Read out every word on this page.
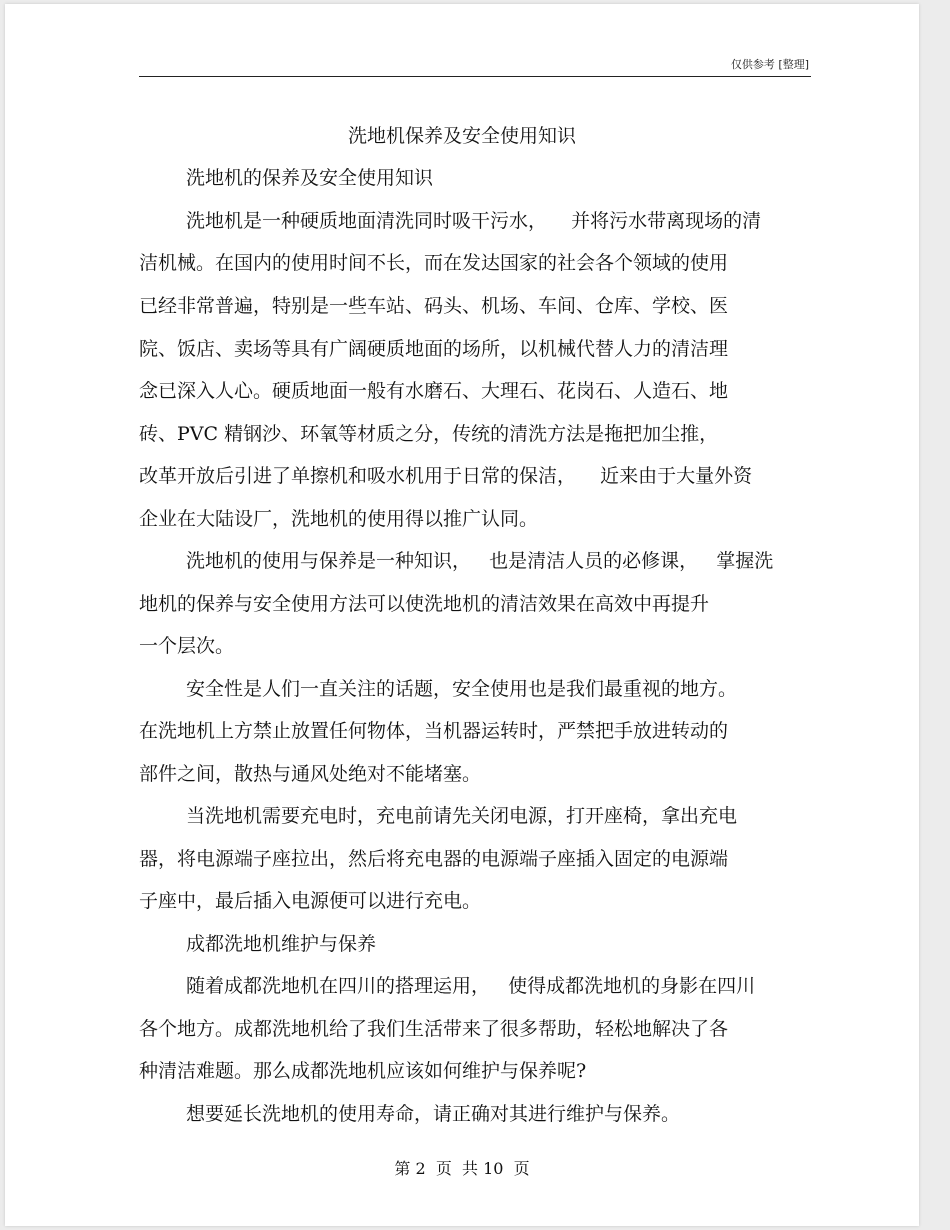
仅供参考 [整理]
洗地机保养及安全使用知识
洗地机的保养及安全使用知识
洗地机是一种硬质地面清洗同时吸干污水，    并将污水带离现场的清
洁机械。在国内的使用时间不长，而在发达国家的社会各个领域的使用
已经非常普遍，特别是一些车站、码头、机场、车间、仓库、学校、医
院、饭店、卖场等具有广阔硬质地面的场所，以机械代替人力的清洁理
念已深入人心。硬质地面一般有水磨石、大理石、花岗石、人造石、地
砖、PVC 精钢沙、环氧等材质之分，传统的清洗方法是拖把加尘推，
改革开放后引进了单擦机和吸水机用于日常的保洁，    近来由于大量外资
企业在大陆设厂，洗地机的使用得以推广认同。
洗地机的使用与保养是一种知识，   也是清洁人员的必修课，   掌握洗
地机的保养与安全使用方法可以使洗地机的清洁效果在高效中再提升
一个层次。
安全性是人们一直关注的话题，安全使用也是我们最重视的地方。
在洗地机上方禁止放置任何物体，当机器运转时，严禁把手放进转动的
部件之间，散热与通风处绝对不能堵塞。
当洗地机需要充电时，充电前请先关闭电源，打开座椅，拿出充电
器，将电源端子座拉出，然后将充电器的电源端子座插入固定的电源端
子座中，最后插入电源便可以进行充电。
成都洗地机维护与保养
随着成都洗地机在四川的搭理运用，   使得成都洗地机的身影在四川
各个地方。成都洗地机给了我们生活带来了很多帮助，轻松地解决了各
种清洁难题。那么成都洗地机应该如何维护与保养呢?
想要延长洗地机的使用寿命，请正确对其进行维护与保养。
第 2  页  共 10  页
